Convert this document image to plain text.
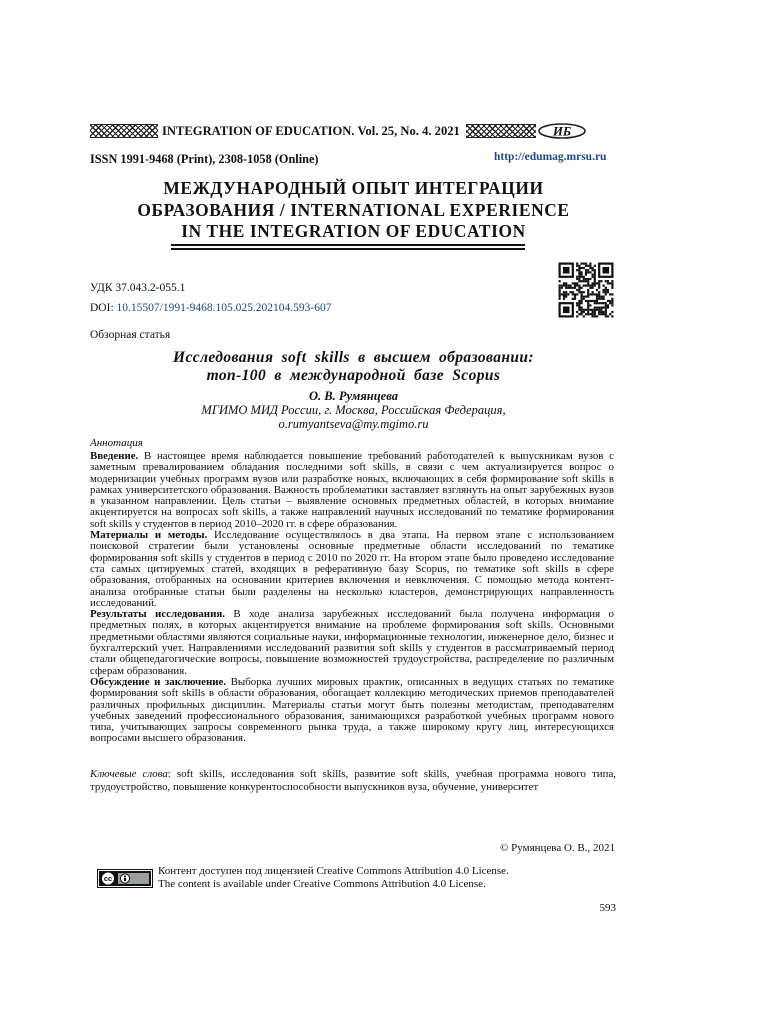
INTEGRATION OF EDUCATION. Vol. 25, No. 4. 2021	ИБ
ISSN 1991-9468 (Print), 2308-1058 (Online)	http://edumag.mrsu.ru
МЕЖДУНАРОДНЫЙ ОПЫТ ИНТЕГРАЦИИ
ОБРАЗОВАНИЯ / INTERNATIONAL EXPERIENCE
IN THE INTEGRATION OF EDUCATION
УДК 37.043.2-055.1
DOI: 10.15507/1991-9468.105.025.202104.593-607
Обзорная статья
Исследования soft skills в высшем образовании:
топ-100 в международной базе Scopus
О. В. Румянцева
МГИМО МИД России, г. Москва, Российская Федерация,
o.rumyantseva@my.mgimo.ru
Аннотация

Введение. В настоящее время наблюдается повышение требований работодателей к выпускникам вузов с заметным превалированием обладания последними soft skills, в связи с чем актуализируется вопрос о модернизации учебных программ вузов или разработке новых, включающих в себя формирование soft skills в рамках университетского образования. Важность проблематики заставляет взглянуть на опыт зарубежных вузов в указанном направлении. Цель статьи – выявление основных предметных областей, в которых внимание акцентируется на вопросах soft skills, а также направлений научных исследований по тематике формирования soft skills у студентов в период 2010–2020 гг. в сфере образования.

Материалы и методы. Исследование осуществлялось в два этапа. На первом этапе с использованием поисковой стратегии были установлены основные предметные области исследований по тематике формирования soft skills у студентов в период с 2010 по 2020 гг. На втором этапе было проведено исследование ста самых цитируемых статей, входящих в реферативную базу Scopus, по тематике soft skills в сфере образования, отобранных на основании критериев включения и невключения. С помощью метода контент-анализа отобранные статьи были разделены на несколько кластеров, демонстрирующих направленность исследований.

Результаты исследования. В ходе анализа зарубежных исследований была получена информация о предметных полях, в которых акцентируется внимание на проблеме формирования soft skills. Основными предметными областями являются социальные науки, информационные технологии, инженерное дело, бизнес и бухгалтерский учет. Направлениями исследований развития soft skills у студентов в рассматриваемый период стали общепедагогические вопросы, повышение возможностей трудоустройства, распределение по различным сферам образования.

Обсуждение и заключение. Выборка лучших мировых практик, описанных в ведущих статьях по тематике формирования soft skills в области образования, обогащает коллекцию методических приемов преподавателей различных профильных дисциплин. Материалы статьи могут быть полезны методистам, преподавателям учебных заведений профессионального образования, занимающихся разработкой учебных программ нового типа, учитывающих запросы современного рынка труда, а также широкому кругу лиц, интересующихся вопросами высшего образования.

Ключевые слова: soft skills, исследования soft skills, развитие soft skills, учебная программа нового типа, трудоустройство, повышение конкурентоспособности выпускников вуза, обучение, университет
© Румянцева О. В., 2021
cc
Контент доступен под лицензией Creative Commons Attribution 4.0 License.
The content is available under Creative Commons Attribution 4.0 License.
593
